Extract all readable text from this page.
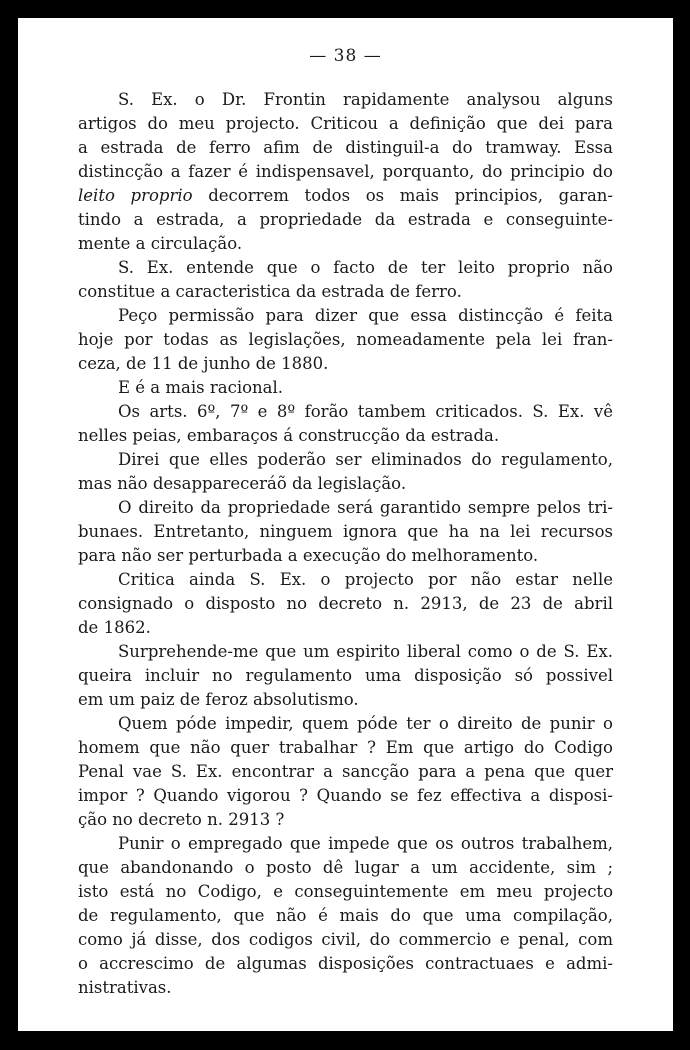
— 38 —
S. Ex. o Dr. Frontin rapidamente analysou alguns
artigos do meu projecto. Criticou a definição que dei para
a estrada de ferro afim de distinguil-a do tramway. Essa
distincção a fazer é indispensavel, porquanto, do principio do
leito proprio decorrem todos os mais principios, garan-
tindo a estrada, a propriedade da estrada e conseguinte-
mente a circulação.
S. Ex. entende que o facto de ter leito proprio não
constitue a caracteristica da estrada de ferro.
Peço permissão para dizer que essa distincção é feita
hoje por todas as legislações, nomeadamente pela lei fran-
ceza, de 11 de junho de 1880.
E é a mais racional.
Os arts. 6º, 7º e 8º forão tambem criticados. S. Ex. vê
nelles peias, embaraços á construcção da estrada.
Direi que elles poderão ser eliminados do regulamento,
mas não desappareceráõ da legislação.
O direito da propriedade será garantido sempre pelos tri-
bunaes. Entretanto, ninguem ignora que ha na lei recursos
para não ser perturbada a execução do melhoramento.
Critica ainda S. Ex. o projecto por não estar nelle
consignado o disposto no decreto n. 2913, de 23 de abril
de 1862.
Surprehende-me que um espirito liberal como o de S. Ex.
queira incluir no regulamento uma disposição só possivel
em um paiz de feroz absolutismo.
Quem póde impedir, quem póde ter o direito de punir o
homem que não quer trabalhar ? Em que artigo do Codigo
Penal vae S. Ex. encontrar a sancção para a pena que quer
impor ? Quando vigorou ? Quando se fez effectiva a disposi-
ção no decreto n. 2913 ?
Punir o empregado que impede que os outros trabalhem,
que abandonando o posto dê lugar a um accidente, sim ;
isto está no Codigo, e conseguintemente em meu projecto
de regulamento, que não é mais do que uma compilação,
como já disse, dos codigos civil, do commercio e penal, com
o accrescimo de algumas disposições contractuaes e admi-
nistrativas.
